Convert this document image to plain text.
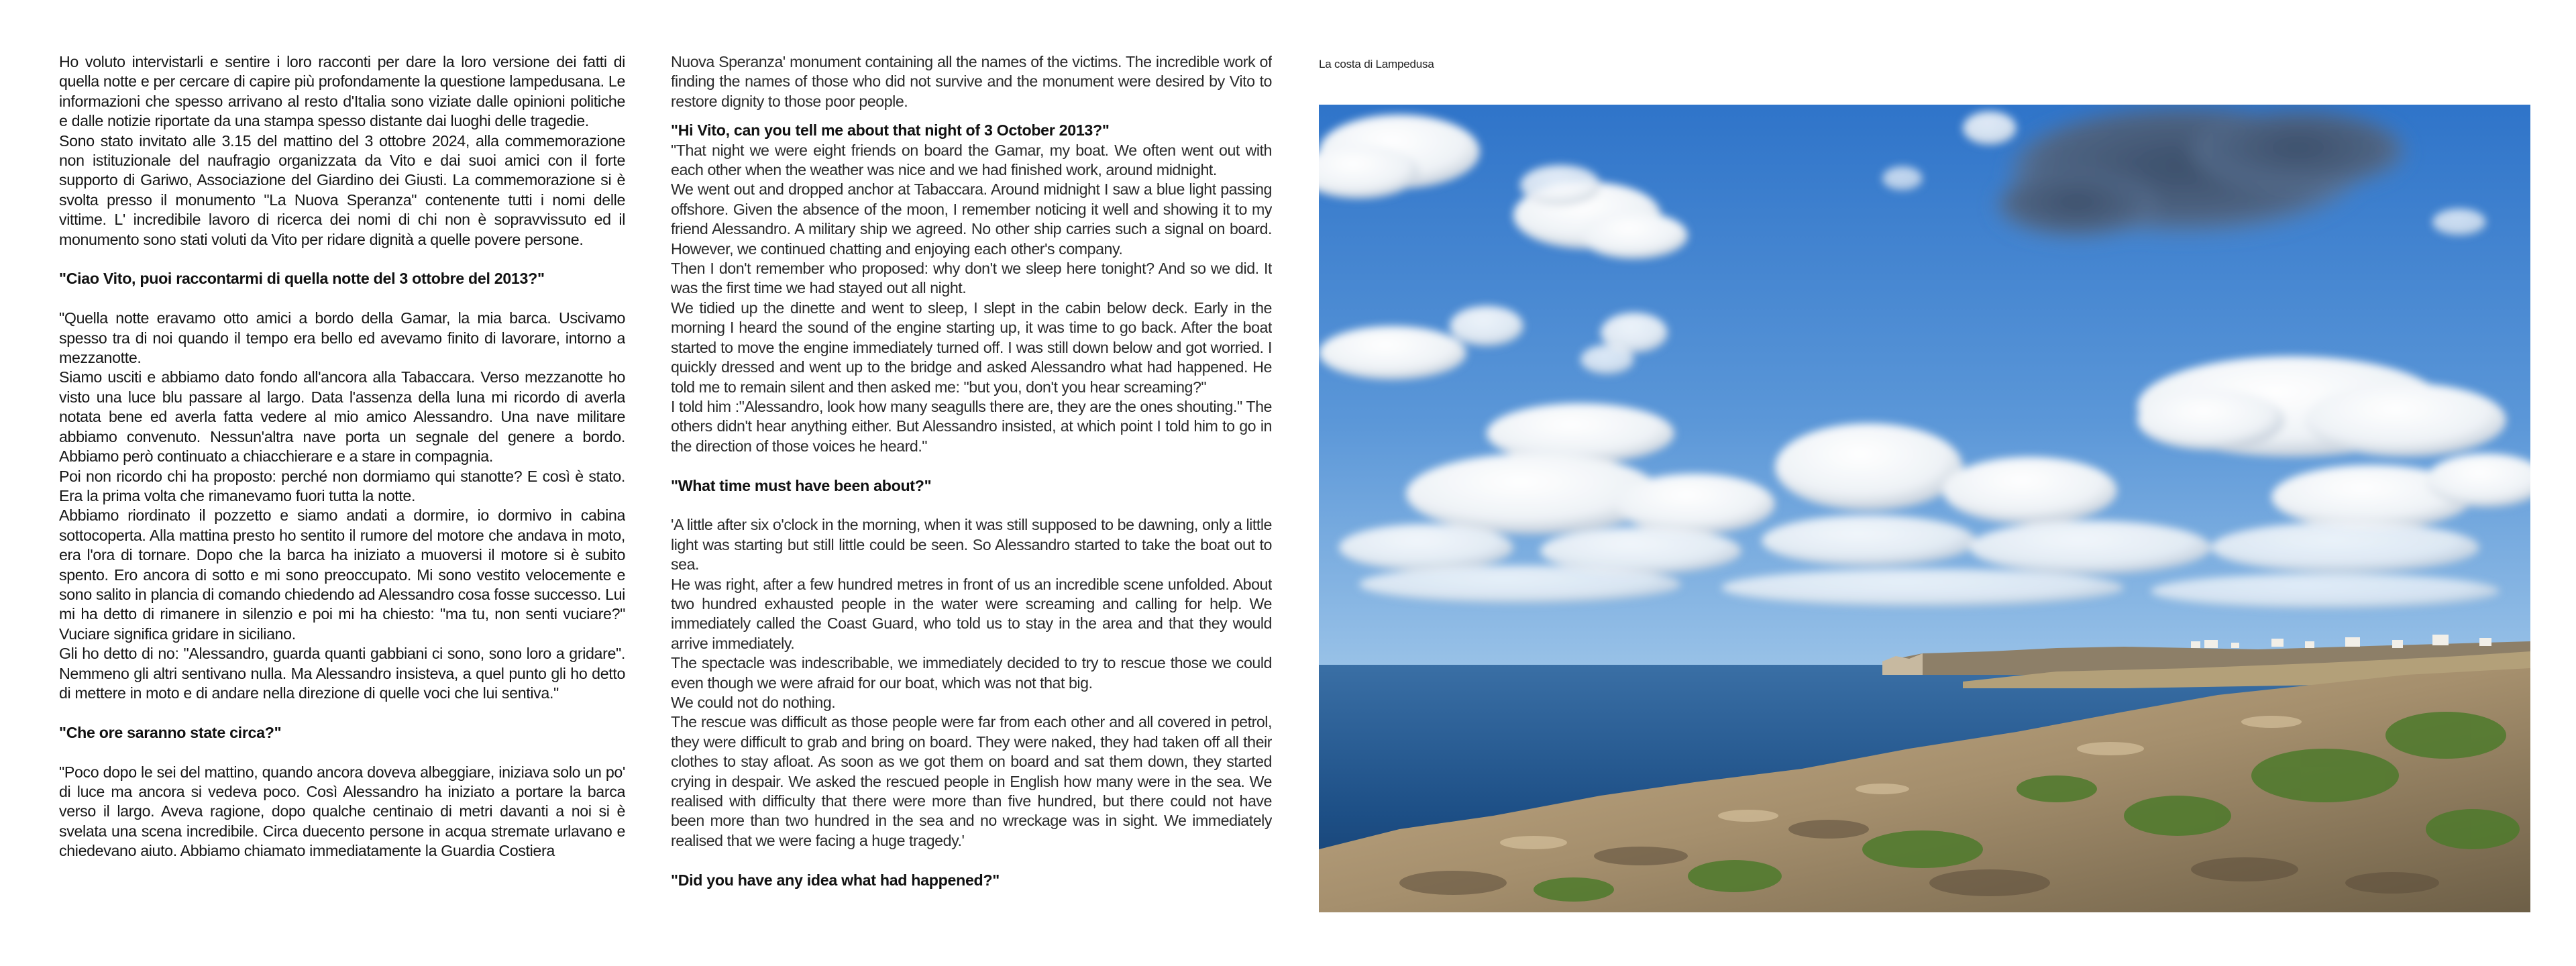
Ho voluto intervistarli e sentire i loro racconti per dare la loro versione dei fatti di quella notte e per cercare di capire più profondamente la questione lampedusana. Le informazioni che spesso arrivano al resto d'Italia sono viziate dalle opinioni politiche e dalle notizie riportate da una stampa spesso distante dai luoghi delle tragedie.

Sono stato invitato alle 3.15 del mattino del 3 ottobre 2024, alla commemorazione non istituzionale del naufragio organizzata da Vito e dai suoi amici con il forte supporto di Gariwo, Associazione del Giardino dei Giusti. La commemorazione si è svolta presso il monumento "La Nuova Speranza" contenente tutti i nomi delle vittime. L' incredibile lavoro di ricerca dei nomi di chi non è sopravvissuto ed il monumento sono stati voluti da Vito per ridare dignità a quelle povere persone.

"Ciao Vito, puoi raccontarmi di quella notte del 3 ottobre del 2013?"

"Quella notte eravamo otto amici a bordo della Gamar, la mia barca. Uscivamo spesso tra di noi quando il tempo era bello ed avevamo finito di lavorare, intorno a mezzanotte.

Siamo usciti e abbiamo dato fondo all'ancora alla Tabaccara. Verso mezzanotte ho visto una luce blu passare al largo. Data l'assenza della luna mi ricordo di averla notata bene ed averla fatta vedere al mio amico Alessandro. Una nave militare abbiamo convenuto. Nessun'altra nave porta un segnale del genere a bordo. Abbiamo però continuato a chiacchierare e a stare in compagnia.

Poi non ricordo chi ha proposto: perché non dormiamo qui stanotte? E così è stato. Era la prima volta che rimanevamo fuori tutta la notte.

Abbiamo riordinato il pozzetto e siamo andati a dormire, io dormivo in cabina sottocoperta. Alla mattina presto ho sentito il rumore del motore che andava in moto, era l'ora di tornare. Dopo che la barca ha iniziato a muoversi il motore si è subito spento. Ero ancora di sotto e mi sono preoccupato. Mi sono vestito velocemente e sono salito in plancia di comando chiedendo ad Alessandro cosa fosse successo. Lui mi ha detto di rimanere in silenzio e poi mi ha chiesto: "ma tu, non senti vuciare?" Vuciare significa gridare in siciliano.

Gli ho detto di no: "Alessandro, guarda quanti gabbiani ci sono, sono loro a gridare". Nemmeno gli altri sentivano nulla. Ma Alessandro insisteva, a quel punto gli ho detto di mettere in moto e di andare nella direzione di quelle voci che lui sentiva."

"Che ore saranno state circa?"

"Poco dopo le sei del mattino, quando ancora doveva albeggiare, iniziava solo un po' di luce ma ancora si vedeva poco. Così Alessandro ha iniziato a portare la barca verso il largo. Aveva ragione, dopo qualche centinaio di metri davanti a noi si è svelata una scena incredibile. Circa duecento persone in acqua stremate urlavano e chiedevano aiuto. Abbiamo chiamato immediatamente la Guardia Costiera

Nuova Speranza' monument containing all the names of the victims. The incredible work of finding the names of those who did not survive and the monument were desired by Vito to restore dignity to those poor people.

"Hi Vito, can you tell me about that night of 3 October 2013?"

"That night we were eight friends on board the Gamar, my boat. We often went out with each other when the weather was nice and we had finished work, around midnight.

We went out and dropped anchor at Tabaccara. Around midnight I saw a blue light passing offshore. Given the absence of the moon, I remember noticing it well and showing it to my friend Alessandro. A military ship we agreed. No other ship carries such a signal on board. However, we continued chatting and enjoying each other's company.

Then I don't remember who proposed: why don't we sleep here tonight? And so we did. It was the first time we had stayed out all night.

We tidied up the dinette and went to sleep, I slept in the cabin below deck. Early in the morning I heard the sound of the engine starting up, it was time to go back. After the boat started to move the engine immediately turned off. I was still down below and got worried. I quickly dressed and went up to the bridge and asked Alessandro what had happened. He told me to remain silent and then asked me: "but you, don't you hear screaming?"

I told him :"Alessandro, look how many seagulls there are, they are the ones shouting." The others didn't hear anything either. But Alessandro insisted, at which point I told him to go in the direction of those voices he heard."

"What time must have been about?"

'A little after six o'clock in the morning, when it was still supposed to be dawning, only a little light was starting but still little could be seen. So Alessandro started to take the boat out to sea.

He was right, after a few hundred metres in front of us an incredible scene unfolded. About two hundred exhausted people in the water were screaming and calling for help. We immediately called the Coast Guard, who told us to stay in the area and that they would arrive immediately.

The spectacle was indescribable, we immediately decided to try to rescue those we could even though we were afraid for our boat, which was not that big.

We could not do nothing.

The rescue was difficult as those people were far from each other and all covered in petrol, they were difficult to grab and bring on board. They were naked, they had taken off all their clothes to stay afloat. As soon as we got them on board and sat them down, they started crying in despair. We asked the rescued people in English how many were in the sea. We realised with difficulty that there were more than five hundred, but there could not have been more than two hundred in the sea and no wreckage was in sight. We immediately realised that we were facing a huge tragedy.'

"Did you have any idea what had happened?"

La costa di Lampedusa
